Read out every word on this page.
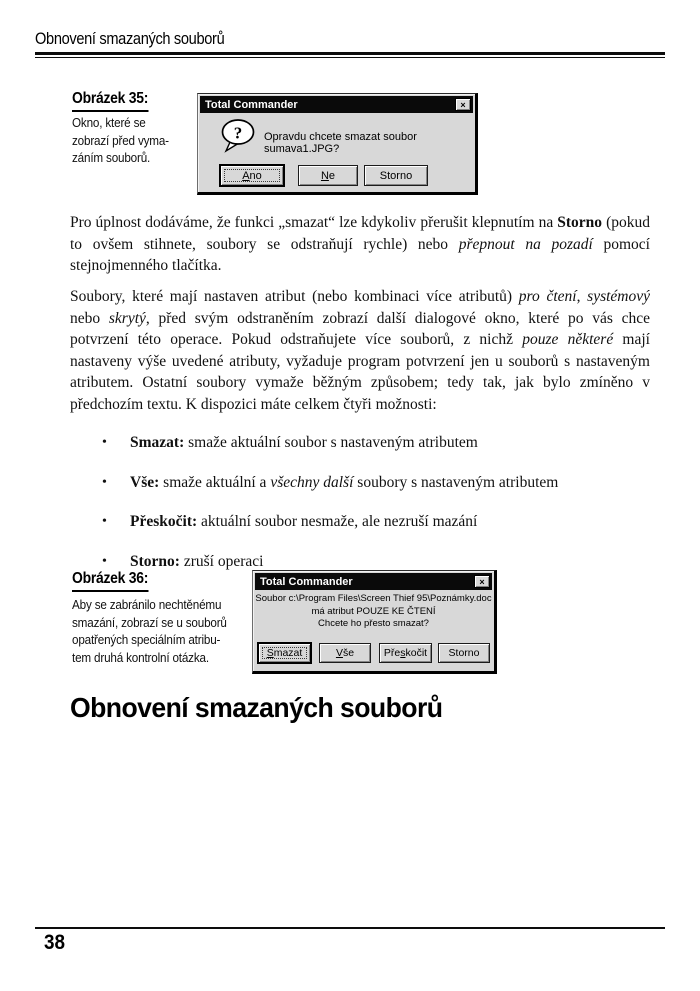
Obnovení smazaných souborů
Obrázek 35:
Okno, které se
zobrazí před vyma-
záním souborů.
Total Commander	×
? Opravdu chcete smazat soubor sumava1.JPG?
Ano	Ne	Storno
Pro úplnost dodáváme, že funkci „smazat“ lze kdykoliv přerušit klepnutím na Storno (pokud to ovšem stihnete, soubory se odstraňují rychle) nebo přepnout na pozadí pomocí stejnojmenného tlačítka.
Soubory, které mají nastaven atribut (nebo kombinaci více atributů) pro čtení, systémový nebo skrytý, před svým odstraněním zobrazí další dialogové okno, které po vás chce potvrzení této operace. Pokud odstraňujete více souborů, z nichž pouze některé mají nastaveny výše uvedené atributy, vyžaduje program potvrzení jen u souborů s nastaveným atributem. Ostatní soubory vymaže běžným způsobem; tedy tak, jak bylo zmíněno v předchozím textu. K dispozici máte celkem čtyři možnosti:
• Smazat: smaže aktuální soubor s nastaveným atributem
• Vše: smaže aktuální a všechny další soubory s nastaveným atributem
• Přeskočit: aktuální soubor nesmaže, ale nezruší mazání
• Storno: zruší operaci
Obrázek 36:
Aby se zabránilo nechtěnému
smazání, zobrazí se u souborů
opatřených speciálním atribu-
tem druhá kontrolní otázka.
Total Commander	×
Soubor c:\Program Files\Screen Thief 95\Poznámky.doc
má atribut POUZE KE ČTENÍ
Chcete ho přesto smazat?
Smazat	Vše	Přeskočit Storno
Obnovení smazaných souborů
38
